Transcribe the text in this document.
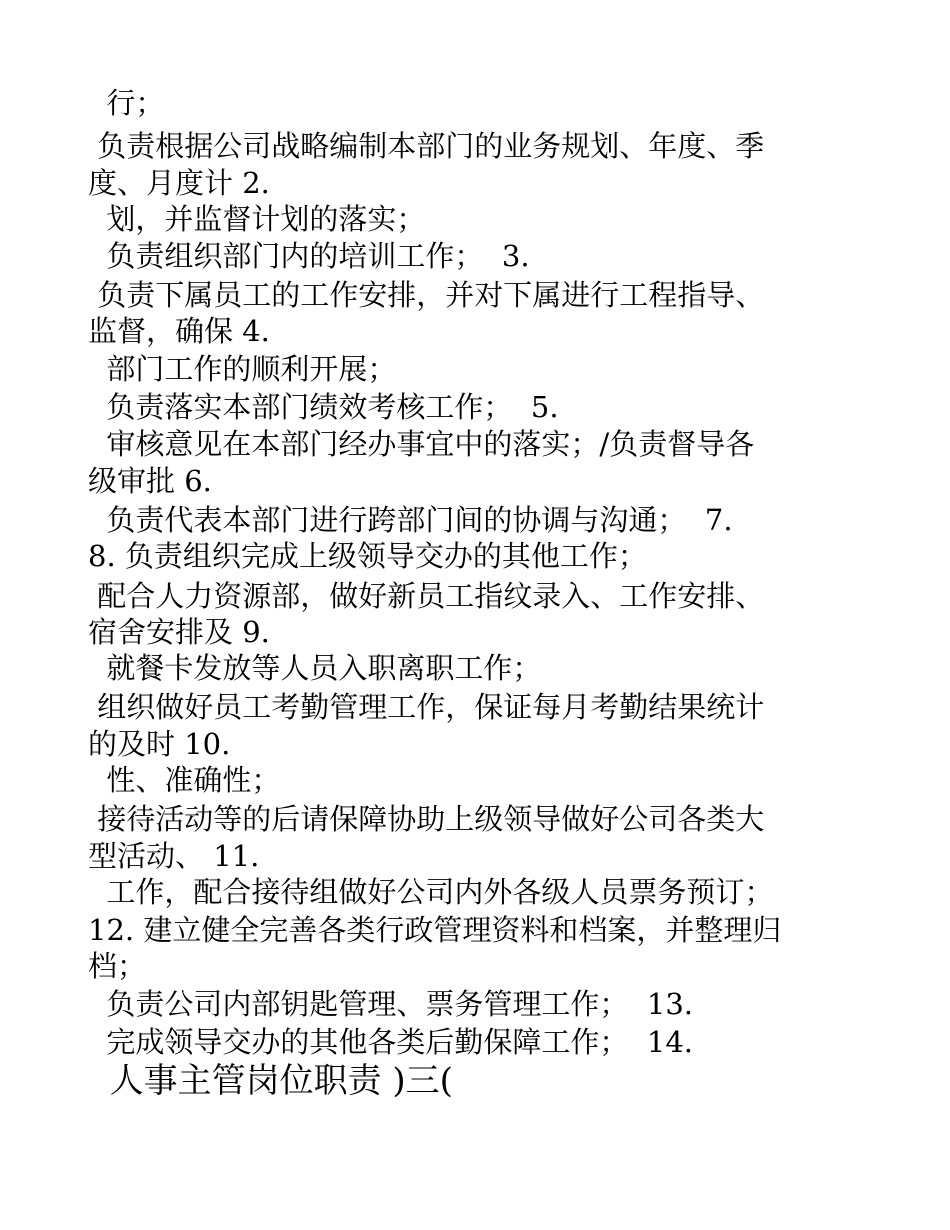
行；
负责根据公司战略编制本部门的业务规划、年度、季
度、月度计 2.
划，并监督计划的落实；
负责组织部门内的培训工作；  3.
负责下属员工的工作安排，并对下属进行工程指导、
监督，确保 4.
部门工作的顺利开展；
负责落实本部门绩效考核工作；  5.
审核意见在本部门经办事宜中的落实；/负责督导各
级审批 6.
负责代表本部门进行跨部门间的协调与沟通；  7.
8. 负责组织完成上级领导交办的其他工作；
配合人力资源部，做好新员工指纹录入、工作安排、
宿舍安排及 9.
就餐卡发放等人员入职离职工作；
组织做好员工考勤管理工作，保证每月考勤结果统计
的及时 10.
性、准确性；
接待活动等的后请保障协助上级领导做好公司各类大
型活动、 11.
工作，配合接待组做好公司内外各级人员票务预订；
12. 建立健全完善各类行政管理资料和档案，并整理归
档；
负责公司内部钥匙管理、票务管理工作；  13.
完成领导交办的其他各类后勤保障工作；  14.
人事主管岗位职责 )三(
